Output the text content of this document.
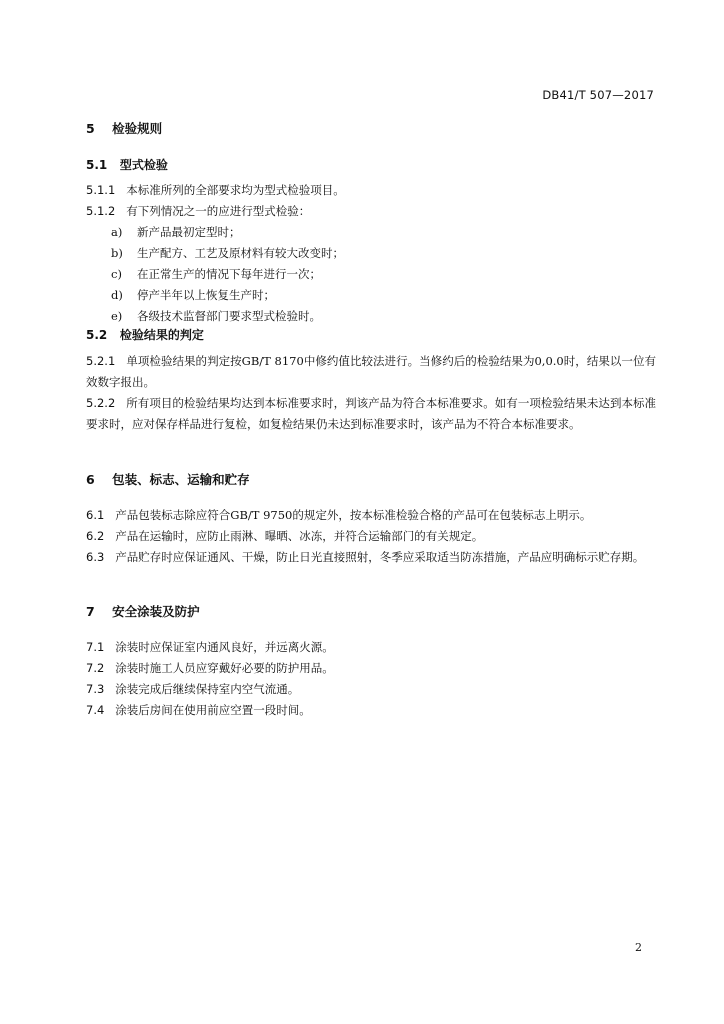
DB41/T 507—2017
5 检验规则
5.1 型式检验
5.1.1 本标准所列的全部要求均为型式检验项目。
5.1.2 有下列情况之一的应进行型式检验：
a) 新产品最初定型时；
b) 生产配方、工艺及原材料有较大改变时；
c) 在正常生产的情况下每年进行一次；
d) 停产半年以上恢复生产时；
e) 各级技术监督部门要求型式检验时。
5.2 检验结果的判定
5.2.1 单项检验结果的判定按GB/T 8170中修约值比较法进行。当修约后的检验结果为0,0.0时，结果以一位有效数字报出。
5.2.2 所有项目的检验结果均达到本标准要求时，判该产品为符合本标准要求。如有一项检验结果未达到本标准要求时，应对保存样品进行复检，如复检结果仍未达到标准要求时，该产品为不符合本标准要求。
6 包装、标志、运输和贮存
6.1 产品包装标志除应符合GB/T 9750的规定外，按本标准检验合格的产品可在包装标志上明示。
6.2 产品在运输时，应防止雨淋、曝晒、冰冻，并符合运输部门的有关规定。
6.3 产品贮存时应保证通风、干燥，防止日光直接照射，冬季应采取适当防冻措施，产品应明确标示贮存期。
7 安全涂装及防护
7.1 涂装时应保证室内通风良好，并远离火源。
7.2 涂装时施工人员应穿戴好必要的防护用品。
7.3 涂装完成后继续保持室内空气流通。
7.4 涂装后房间在使用前应空置一段时间。
2
